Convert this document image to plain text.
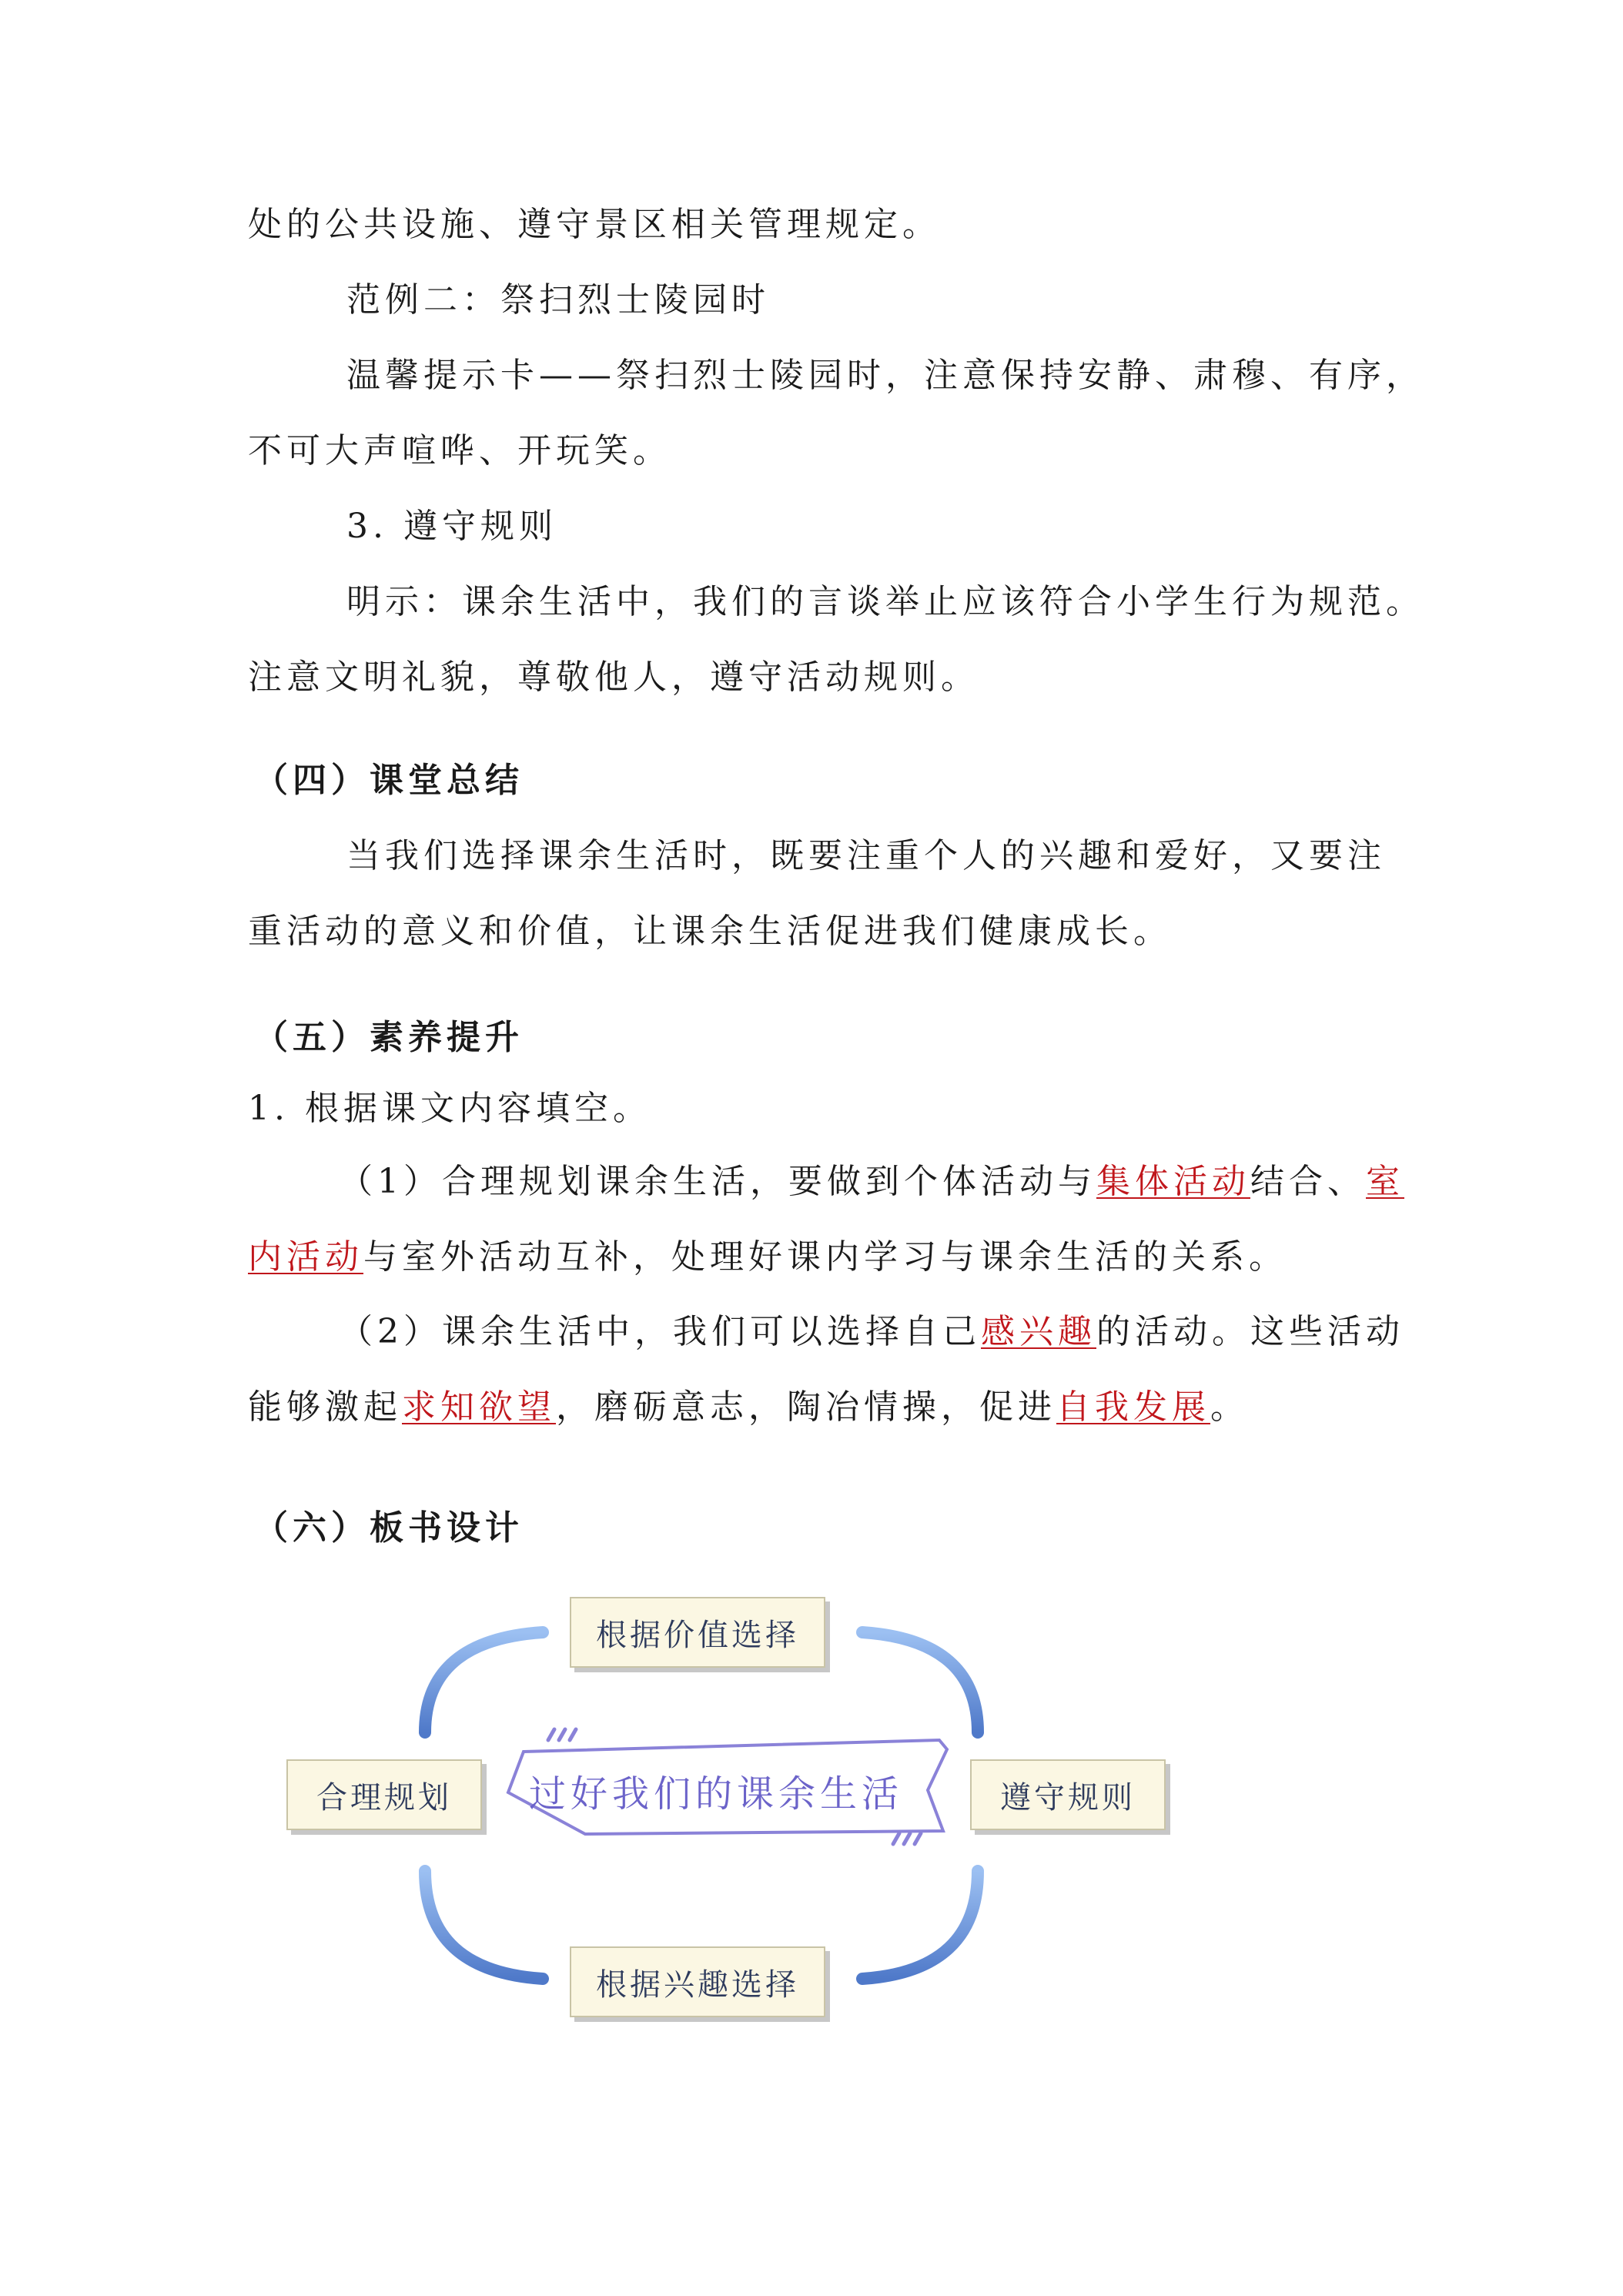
处的公共设施、遵守景区相关管理规定。
范例二：祭扫烈士陵园时
温馨提示卡——祭扫烈士陵园时，注意保持安静、肃穆、有序，
不可大声喧哗、开玩笑。
3. 遵守规则
明示：课余生活中，我们的言谈举止应该符合小学生行为规范。
注意文明礼貌，尊敬他人，遵守活动规则。
（四）课堂总结
当我们选择课余生活时，既要注重个人的兴趣和爱好，又要注
重活动的意义和价值，让课余生活促进我们健康成长。
（五）素养提升
1. 根据课文内容填空。
（1）合理规划课余生活，要做到个体活动与集体活动结合、室
内活动与室外活动互补，处理好课内学习与课余生活的关系。
（2）课余生活中，我们可以选择自己感兴趣的活动。这些活动
能够激起求知欲望，磨砺意志，陶冶情操，促进自我发展。
（六）板书设计
根据价值选择
合理规划	遵守规则
根据兴趣选择
过好我们的课余生活
